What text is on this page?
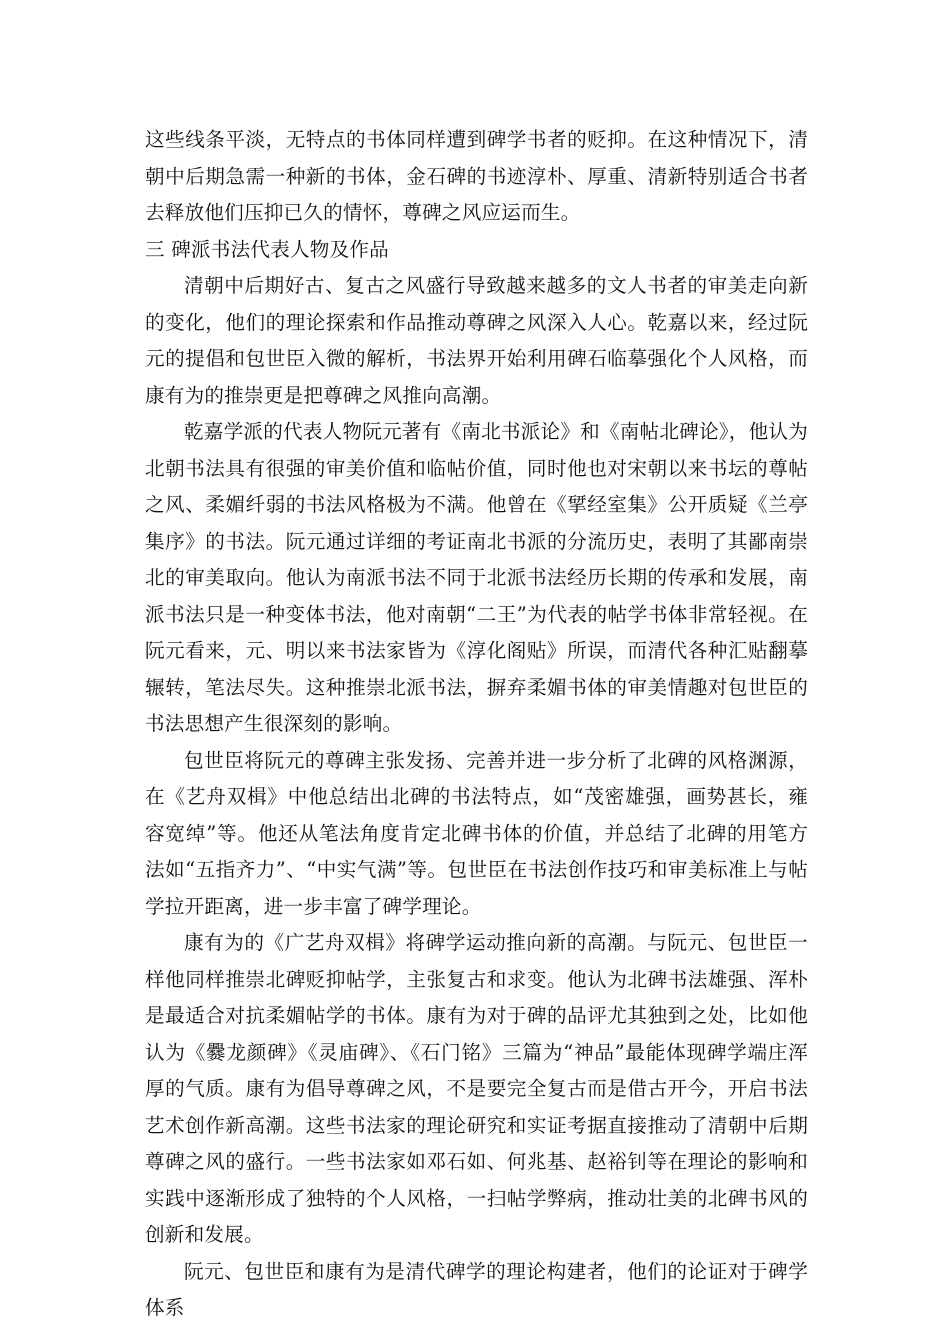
这些线条平淡，无特点的书体同样遭到碑学书者的贬抑。在这种情况下，清朝中后期急需一种新的书体，金石碑的书迹淳朴、厚重、清新特别适合书者去释放他们压抑已久的情怀，尊碑之风应运而生。

三 碑派书法代表人物及作品

清朝中后期好古、复古之风盛行导致越来越多的文人书者的审美走向新的变化，他们的理论探索和作品推动尊碑之风深入人心。乾嘉以来，经过阮元的提倡和包世臣入微的解析，书法界开始利用碑石临摹强化个人风格，而康有为的推崇更是把尊碑之风推向高潮。

乾嘉学派的代表人物阮元著有《南北书派论》和《南帖北碑论》，他认为北朝书法具有很强的审美价值和临帖价值，同时他也对宋朝以来书坛的尊帖之风、柔媚纤弱的书法风格极为不满。他曾在《揅经室集》公开质疑《兰亭集序》的书法。阮元通过详细的考证南北书派的分流历史，表明了其鄙南崇北的审美取向。他认为南派书法不同于北派书法经历长期的传承和发展，南派书法只是一种变体书法，他对南朝“二王”为代表的帖学书体非常轻视。在阮元看来，元、明以来书法家皆为《淳化阁贴》所误，而清代各种汇贴翻摹辗转，笔法尽失。这种推崇北派书法，摒弃柔媚书体的审美情趣对包世臣的书法思想产生很深刻的影响。

包世臣将阮元的尊碑主张发扬、完善并进一步分析了北碑的风格渊源，在《艺舟双楫》中他总结出北碑的书法特点，如“茂密雄强，画势甚长，雍容宽绰”等。他还从笔法角度肯定北碑书体的价值，并总结了北碑的用笔方法如“五指齐力”、“中实气满”等。包世臣在书法创作技巧和审美标准上与帖学拉开距离，进一步丰富了碑学理论。

康有为的《广艺舟双楫》将碑学运动推向新的高潮。与阮元、包世臣一样他同样推崇北碑贬抑帖学，主张复古和求变。他认为北碑书法雄强、浑朴是最适合对抗柔媚帖学的书体。康有为对于碑的品评尤其独到之处，比如他认为《爨龙颜碑》《灵庙碑》、《石门铭》三篇为“神品”最能体现碑学端庄浑厚的气质。康有为倡导尊碑之风，不是要完全复古而是借古开今，开启书法艺术创作新高潮。这些书法家的理论研究和实证考据直接推动了清朝中后期尊碑之风的盛行。一些书法家如邓石如、何兆基、赵裕钊等在理论的影响和实践中逐渐形成了独特的个人风格，一扫帖学弊病，推动壮美的北碑书风的创新和发展。

阮元、包世臣和康有为是清代碑学的理论构建者，他们的论证对于碑学体系
